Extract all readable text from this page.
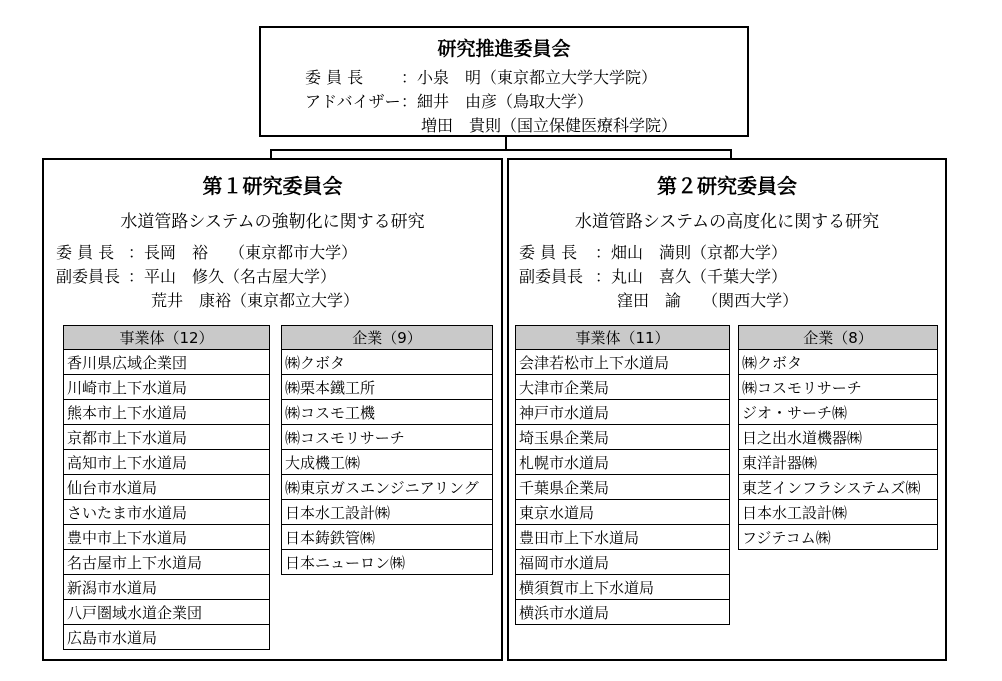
研究推進委員会
委 員 長 ：小泉　明（東京都立大学大学院）
アドバイザー：細井　由彦（鳥取大学）
増田　貴則（国立保健医療科学院）
第１研究委員会
水道管路システムの強靭化に関する研究
委 員 長 ：長岡　裕　 （東京都市大学）
副委員長 ：平山　修久（名古屋大学）
荒井　康裕（東京都立大学）
事業体（12）
香川県広域企業団
川崎市上下水道局
熊本市上下水道局
京都市上下水道局
高知市上下水道局
仙台市水道局
さいたま市水道局
豊中市上下水道局
名古屋市上下水道局
新潟市水道局
八戸圏域水道企業団
広島市水道局
企業（9）
㈱クボタ
㈱栗本鐵工所
㈱コスモ工機
㈱コスモリサーチ
大成機工㈱
㈱東京ガスエンジニアリング
日本水工設計㈱
日本鋳鉄管㈱
日本ニューロン㈱
第２研究委員会
水道管路システムの高度化に関する研究
委 員 長 ：畑山　満則（京都大学）
副委員長 ：丸山　喜久（千葉大学）
窪田　諭　 （関西大学）
事業体（11）
会津若松市上下水道局
大津市企業局
神戸市水道局
埼玉県企業局
札幌市水道局
千葉県企業局
東京水道局
豊田市上下水道局
福岡市水道局
横須賀市上下水道局
横浜市水道局
企業（8）
㈱クボタ
㈱コスモリサーチ
ジオ・サーチ㈱
日之出水道機器㈱
東洋計器㈱
東芝インフラシステムズ㈱
日本水工設計㈱
フジテコム㈱
